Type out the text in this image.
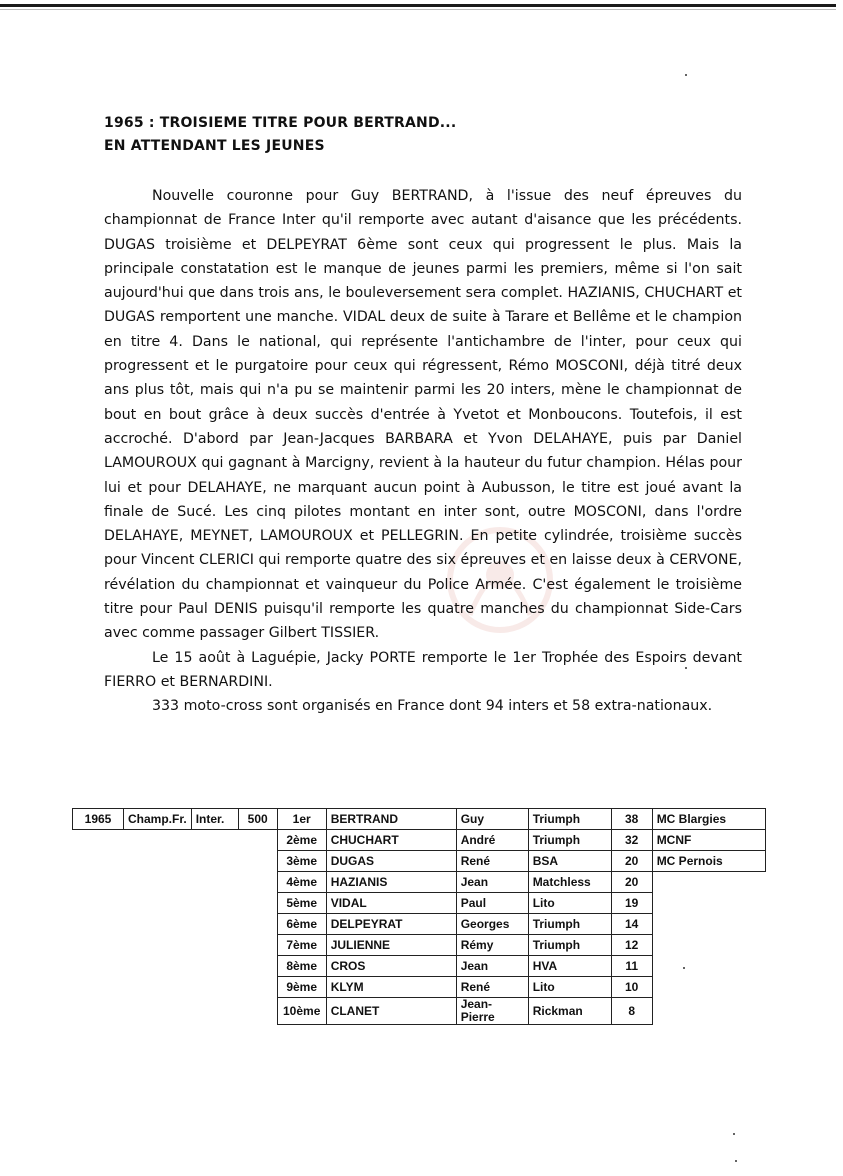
1965 : TROISIEME TITRE POUR BERTRAND...
EN ATTENDANT LES JEUNES

Nouvelle couronne pour Guy BERTRAND, à l'issue des neuf épreuves du championnat de France Inter qu'il remporte avec autant d'aisance que les précédents. DUGAS troisième et DELPEYRAT 6ème sont ceux qui progressent le plus. Mais la principale constatation est le manque de jeunes parmi les premiers, même si l'on sait aujourd'hui que dans trois ans, le bouleversement sera complet. HAZIANIS, CHUCHART et DUGAS remportent une manche. VIDAL deux de suite à Tarare et Bellême et le champion en titre 4. Dans le national, qui représente l'antichambre de l'inter, pour ceux qui progressent et le purgatoire pour ceux qui régressent, Rémo MOSCONI, déjà titré deux ans plus tôt, mais qui n'a pu se maintenir parmi les 20 inters, mène le championnat de bout en bout grâce à deux succès d'entrée à Yvetot et Monboucons. Toutefois, il est accroché. D'abord par Jean-Jacques BARBARA et Yvon DELAHAYE, puis par Daniel LAMOUROUX qui gagnant à Marcigny, revient à la hauteur du futur champion. Hélas pour lui et pour DELAHAYE, ne marquant aucun point à Aubusson, le titre est joué avant la finale de Sucé. Les cinq pilotes montant en inter sont, outre MOSCONI, dans l'ordre DELAHAYE, MEYNET, LAMOUROUX et PELLEGRIN. En petite cylindrée, troisième succès pour Vincent CLERICI qui remporte quatre des six épreuves et en laisse deux à CERVONE, révélation du championnat et vainqueur du Police Armée. C'est également le troisième titre pour Paul DENIS puisqu'il remporte les quatre manches du championnat Side-Cars avec comme passager Gilbert TISSIER.

Le 15 août à Laguépie, Jacky PORTE remporte le 1er Trophée des Espoirs devant FIERRO et BERNARDINI.

333 moto-cross sont organisés en France dont 94 inters et 58 extra-nationaux.

1965	Champ.Fr.	Inter.	500	1er	BERTRAND	Guy	Triumph	38	MC Blargies
				2ème	CHUCHART	André	Triumph	32	MCNF
				3ème	DUGAS	René	BSA	20	MC Pernois
				4ème	HAZIANIS	Jean	Matchless	20	
				5ème	VIDAL	Paul	Lito	19	
				6ème	DELPEYRAT	Georges	Triumph	14	
				7ème	JULIENNE	Rémy	Triumph	12	
				8ème	CROS	Jean	HVA	11	
				9ème	KLYM	René	Lito	10	
				10ème	CLANET	Jean-Pierre	Rickman	8	
